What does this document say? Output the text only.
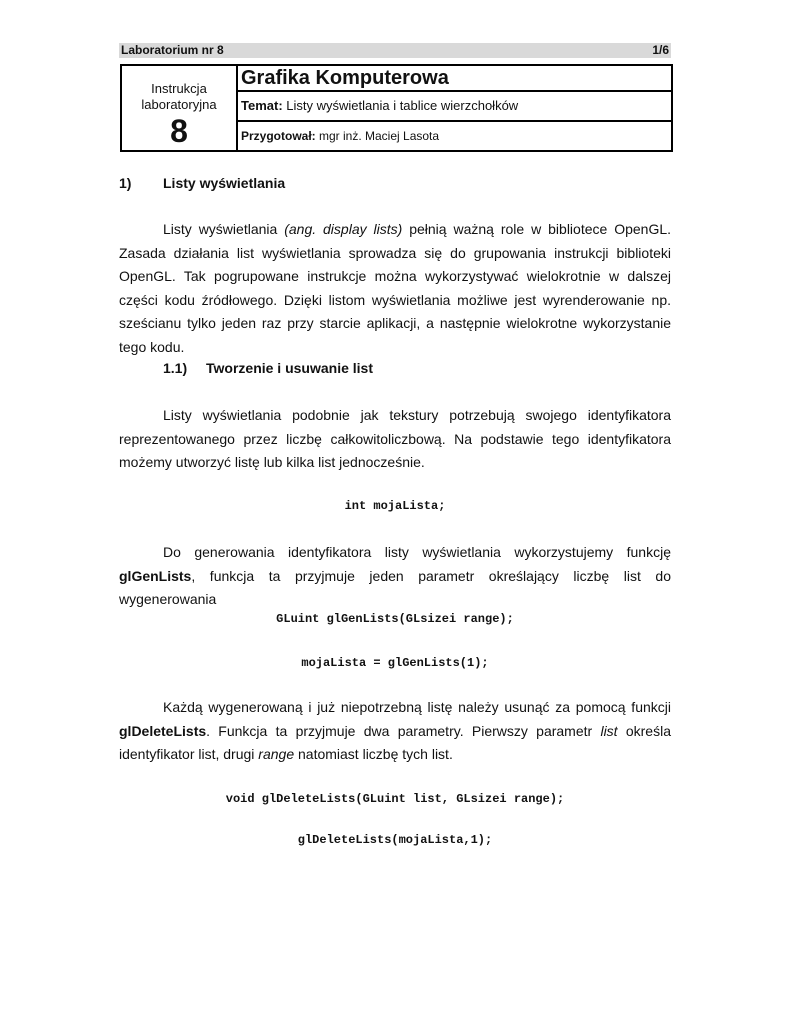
Laboratorium nr 8	1/6
Instrukcja
laboratoryjna
8
Grafika Komputerowa
Temat: Listy wyświetlania i tablice wierzchołków
Przygotował: mgr inż. Maciej Lasota
1) Listy wyświetlania

Listy wyświetlania (ang. display lists) pełnią ważną role w bibliotece OpenGL. Zasada działania list wyświetlania sprowadza się do grupowania instrukcji biblioteki OpenGL. Tak pogrupowane instrukcje można wykorzystywać wielokrotnie w dalszej części kodu źródłowego. Dzięki listom wyświetlania możliwe jest wyrenderowanie np. sześcianu tylko jeden raz przy starcie aplikacji, a następnie wielokrotne wykorzystanie tego kodu.

1.1) Tworzenie i usuwanie list

Listy wyświetlania podobnie jak tekstury potrzebują swojego identyfikatora reprezentowanego przez liczbę całkowitoliczbową. Na podstawie tego identyfikatora możemy utworzyć listę lub kilka list jednocześnie.

int mojaLista;

Do generowania identyfikatora listy wyświetlania wykorzystujemy funkcję glGenLists, funkcja ta przyjmuje jeden parametr określający liczbę list do wygenerowania

GLuint glGenLists(GLsizei range);
mojaLista = glGenLists(1);

Każdą wygenerowaną i już niepotrzebną listę należy usunąć za pomocą funkcji glDeleteLists. Funkcja ta przyjmuje dwa parametry. Pierwszy parametr list określa identyfikator list, drugi range natomiast liczbę tych list.

void glDeleteLists(GLuint list, GLsizei range);
glDeleteLists(mojaLista,1);
